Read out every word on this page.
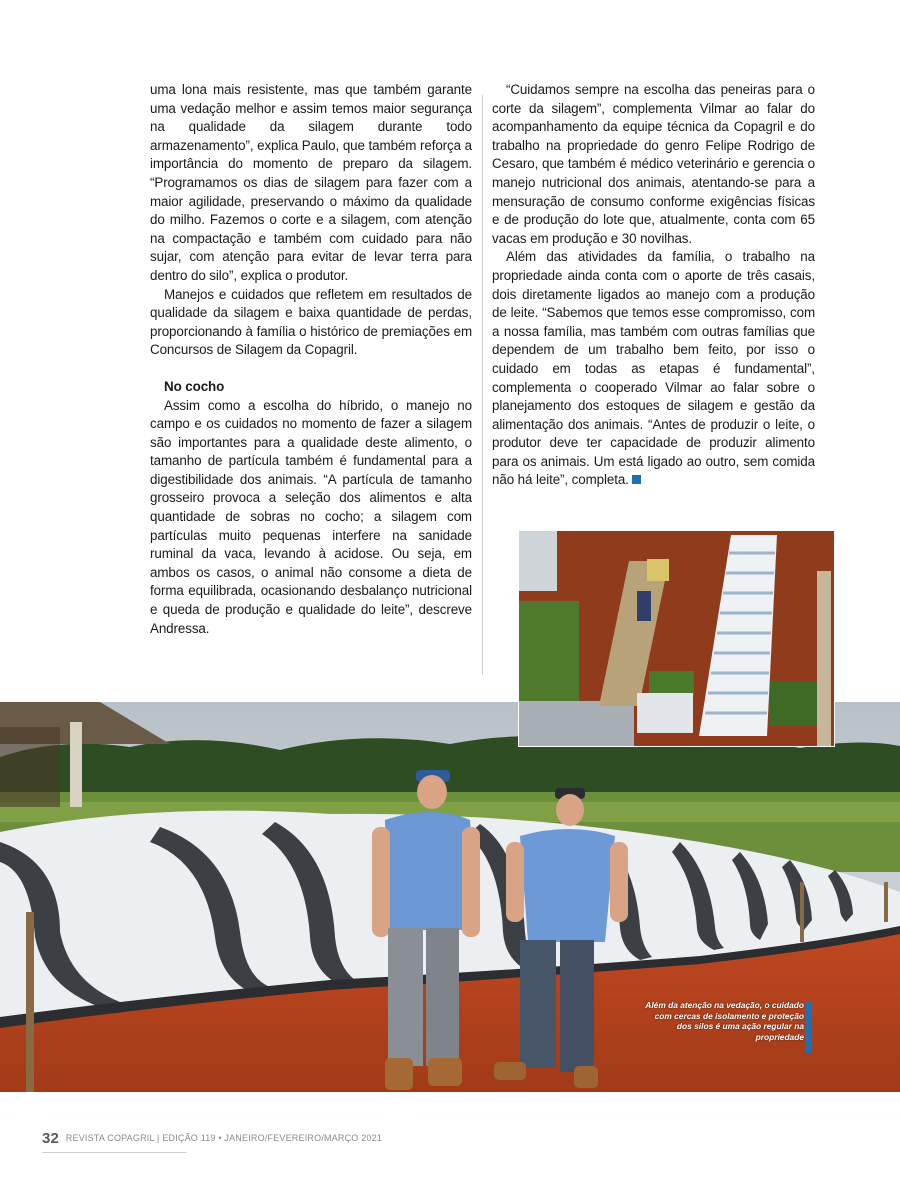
uma lona mais resistente, mas que também garante uma vedação melhor e assim temos maior segurança na qualidade da silagem durante todo armazenamento”, explica Paulo, que também reforça a importância do momento de preparo da silagem. “Programamos os dias de silagem para fazer com a maior agilidade, preservando o máximo da qualidade do milho. Fazemos o corte e a silagem, com atenção na compactação e também com cuidado para não sujar, com atenção para evitar de levar terra para dentro do silo”, explica o produtor.

Manejos e cuidados que refletem em resultados de qualidade da silagem e baixa quantidade de perdas, proporcionando à família o histórico de premiações em Concursos de Silagem da Copagril.

No cocho

Assim como a escolha do híbrido, o manejo no campo e os cuidados no momento de fazer a silagem são importantes para a qualidade deste alimento, o tamanho de partícula também é fundamental para a digestibilidade dos animais. “A partícula de tamanho grosseiro provoca a seleção dos alimentos e alta quantidade de sobras no cocho; a silagem com partículas muito pequenas interfere na sanidade ruminal da vaca, levando à acidose. Ou seja, em ambos os casos, o animal não consome a dieta de forma equilibrada, ocasionando desbalanço nutricional e queda de produção e qualidade do leite”, descreve Andressa.

“Cuidamos sempre na escolha das peneiras para o corte da silagem”, complementa Vilmar ao falar do acompanhamento da equipe técnica da Copagril e do trabalho na propriedade do genro Felipe Rodrigo de Cesaro, que também é médico veterinário e gerencia o manejo nutricional dos animais, atentando-se para a mensuração de consumo conforme exigências físicas e de produção do lote que, atualmente, conta com 65 vacas em produção e 30 novilhas.

Além das atividades da família, o trabalho na propriedade ainda conta com o aporte de três casais, dois diretamente ligados ao manejo com a produção de leite. “Sabemos que temos esse compromisso, com a nossa família, mas também com outras famílias que dependem de um trabalho bem feito, por isso o cuidado em todas as etapas é fundamental”, complementa o cooperado Vilmar ao falar sobre o planejamento dos estoques de silagem e gestão da alimentação dos animais. “Antes de produzir o leite, o produtor deve ter capacidade de produzir alimento para os animais. Um está ligado ao outro, sem comida não há leite”, completa.

Além da atenção na vedação, o cuidado com cercas de isolamento e proteção dos silos é uma ação regular na propriedade
32 REVISTA COPAGRIL | EDIÇÃO 119 • JANEIRO/FEVEREIRO/MARÇO 2021
